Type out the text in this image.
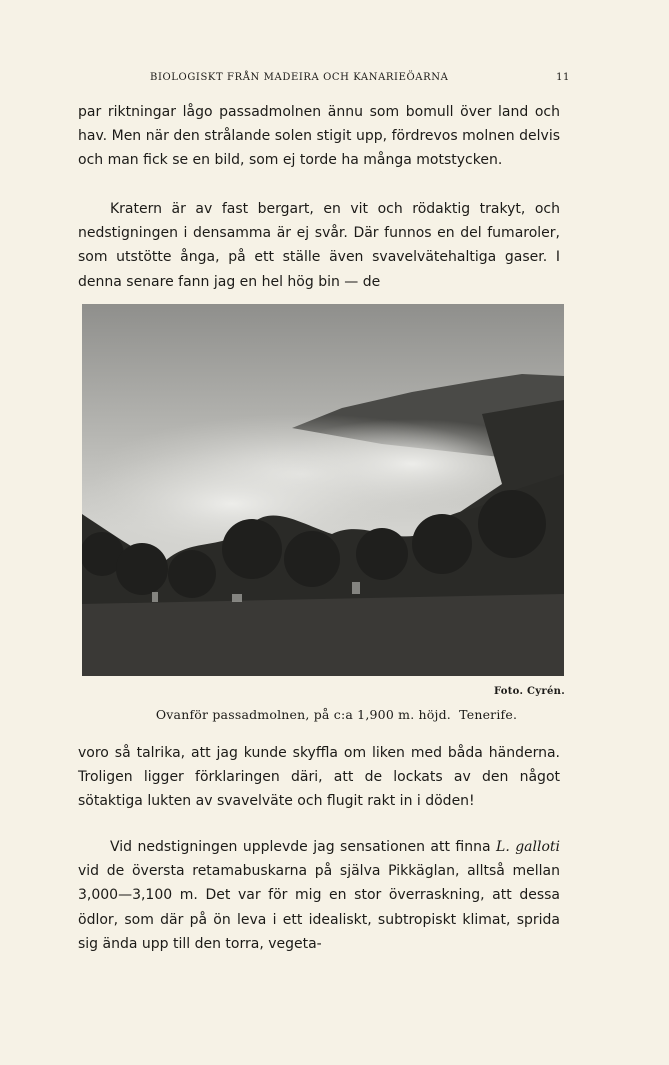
BIOLOGISKT FRÅN MADEIRA OCH KANARIEÖARNA	11
par riktningar lågo passadmolnen ännu som bomull över land och hav. Men när den strålande solen stigit upp, fördrevos molnen delvis och man fick se en bild, som ej torde ha många motstycken.
Kratern är av fast bergart, en vit och rödaktig trakyt, och nedstigningen i densamma är ej svår. Där funnos en del fumaroler, som utstötte ånga, på ett ställe även svavelvätehaltiga gaser. I denna senare fann jag en hel hög bin — de
Foto. Cyrén.
Ovanför passadmolnen, på c:a 1,900 m. höjd. Tenerife.
voro så talrika, att jag kunde skyffla om liken med båda händerna. Troligen ligger förklaringen däri, att de lockats av den något sötaktiga lukten av svavelväte och flugit rakt in i döden!
Vid nedstigningen upplevde jag sensationen att finna L. galloti vid de översta retamabuskarna på själva Pikkäglan, alltså mellan 3,000—3,100 m. Det var för mig en stor överraskning, att dessa ödlor, som där på ön leva i ett idealiskt, subtropiskt klimat, sprida sig ända upp till den torra, vegeta-
